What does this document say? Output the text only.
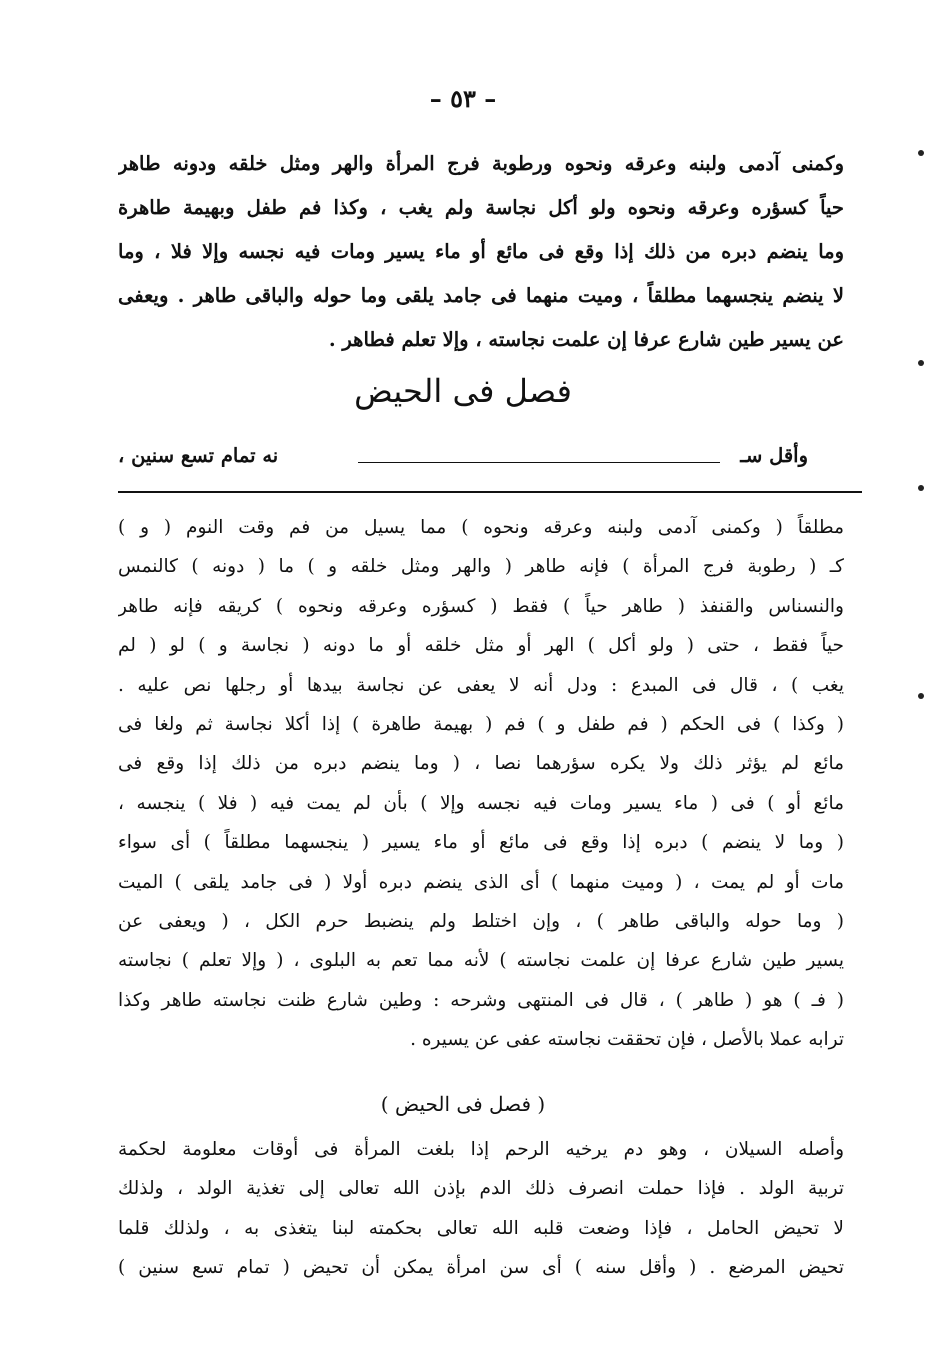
– ٥٣ –
وكمنى آدمى ولبنه وعرقه ونحوه ورطوبة فرج المرأة والهر ومثل خلقه ودونه طاهر
حياً كسؤره وعرقه ونحوه ولو أكل نجاسة ولم يغب ، وكذا فم طفل وبهيمة طاهرة
وما ينضم دبره من ذلك إذا وقع فى مائع أو ماء يسير ومات فيه نجسه وإلا فلا ، وما
لا ينضم ينجسهما مطلقاً ، وميت منهما فى جامد يلقى وما حوله والباقى طاهر . ويعفى
عن يسير طين شارع عرفا إن علمت نجاسته ، وإلا تعلم فطاهر .
فصل فى الحيض
وأقل سـ
نه تمام تسع سنين ،
مطلقاً ( وكمنى آدمى ولبنه وعرقه ونحوه ) مما يسيل من فم وقت النوم ( و )
كـ ( رطوبة فرج المرأة ) فإنه طاهر ( والهر ومثل خلقه و ) ما ( دونه ) كالنمس
والنسناس والقنفذ ( طاهر حياً ) فقط ( كسؤره وعرقه ونحوه ) كريقه فإنه طاهر
حياً فقط ، حتى ( ولو أكل ) الهر أو مثل خلقه أو ما دونه ( نجاسة و ) لو ( لم
يغب ) ، قال فى المبدع : ودل أنه لا يعفى عن نجاسة بيدها أو رجلها نص عليه .
( وكذا ) فى الحكم ( فم طفل و ) فم ( بهيمة طاهرة ) إذا أكلا نجاسة ثم ولغا فى
مائع لم يؤثر ذلك ولا يكره سؤرهما نصا ، ( وما ينضم دبره من ذلك إذا وقع فى
مائع أو ) فى ( ماء يسير ومات فيه نجسه وإلا ) بأن لم يمت فيه ( فلا ) ينجسه ،
( وما لا ينضم ) دبره إذا وقع فى مائع أو ماء يسير ( ينجسهما مطلقاً ) أى سواء
مات أو لم يمت ، ( وميت منهما ) أى الذى ينضم دبره أولا ( فى جامد يلقى ) الميت
( وما حوله والباقى طاهر ) ، وإن اختلط ولم ينضبط حرم الكل ، ( ويعفى عن
يسير طين شارع عرفا إن علمت نجاسته ) لأنه مما تعم به البلوى ، ( وإلا تعلم ) نجاسته
( فـ ) هو ( طاهر ) ، قال فى المنتهى وشرحه : وطين شارع ظنت نجاسته طاهر وكذا
ترابه عملا بالأصل ، فإن تحققت نجاسته عفى عن يسيره .
( فصل فى الحيض )
وأصله السيلان ، وهو دم يرخيه الرحم إذا بلغت المرأة فى أوقات معلومة لحكمة
تربية الولد . فإذا حملت انصرف ذلك الدم بإذن الله تعالى إلى تغذية الولد ، ولذلك
لا تحيض الحامل ، فإذا وضعت قلبه الله تعالى بحكمته لبنا يتغذى به ، ولذلك قلما
تحيض المرضع . ( وأقل سنه ) أى سن امرأة يمكن أن تحيض ( تمام تسع سنين )
